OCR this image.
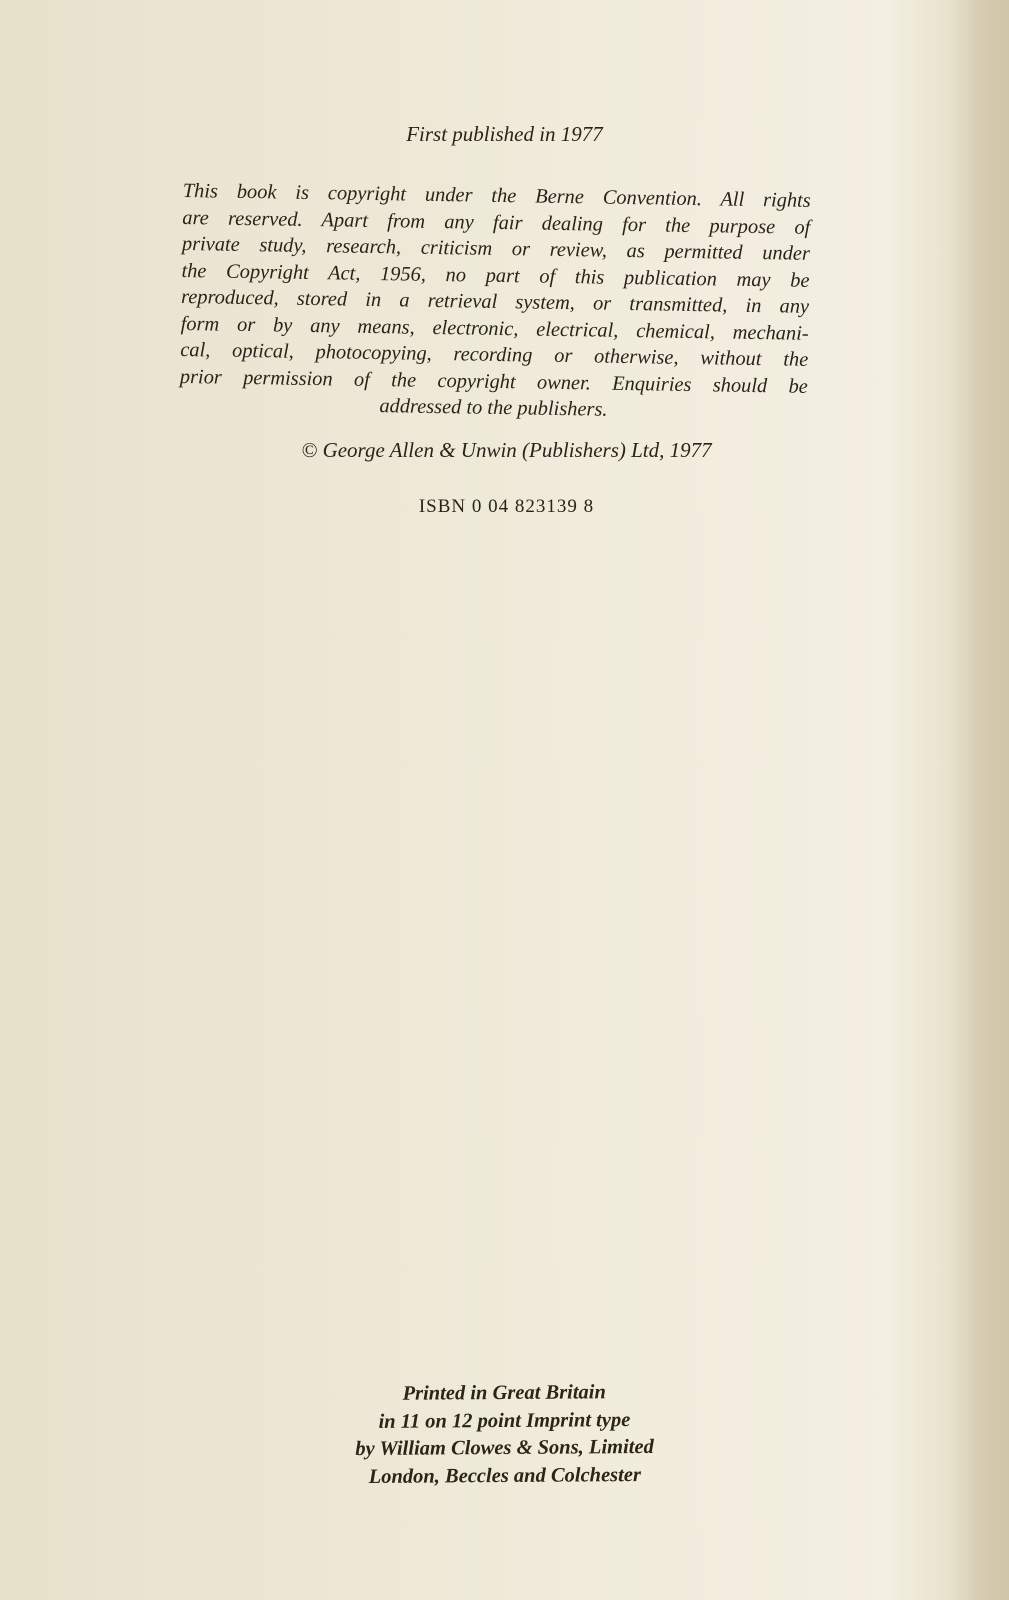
First published in 1977
This book is copyright under the Berne Convention. All rights
are reserved. Apart from any fair dealing for the purpose of
private study, research, criticism or review, as permitted under
the Copyright Act, 1956, no part of this publication may be
reproduced, stored in a retrieval system, or transmitted, in any
form or by any means, electronic, electrical, chemical, mechani-
cal, optical, photocopying, recording or otherwise, without the
prior permission of the copyright owner. Enquiries should be
addressed to the publishers.
© George Allen & Unwin (Publishers) Ltd, 1977
ISBN 0 04 823139 8
Printed in Great Britain
in 11 on 12 point Imprint type
by William Clowes & Sons, Limited
London, Beccles and Colchester
